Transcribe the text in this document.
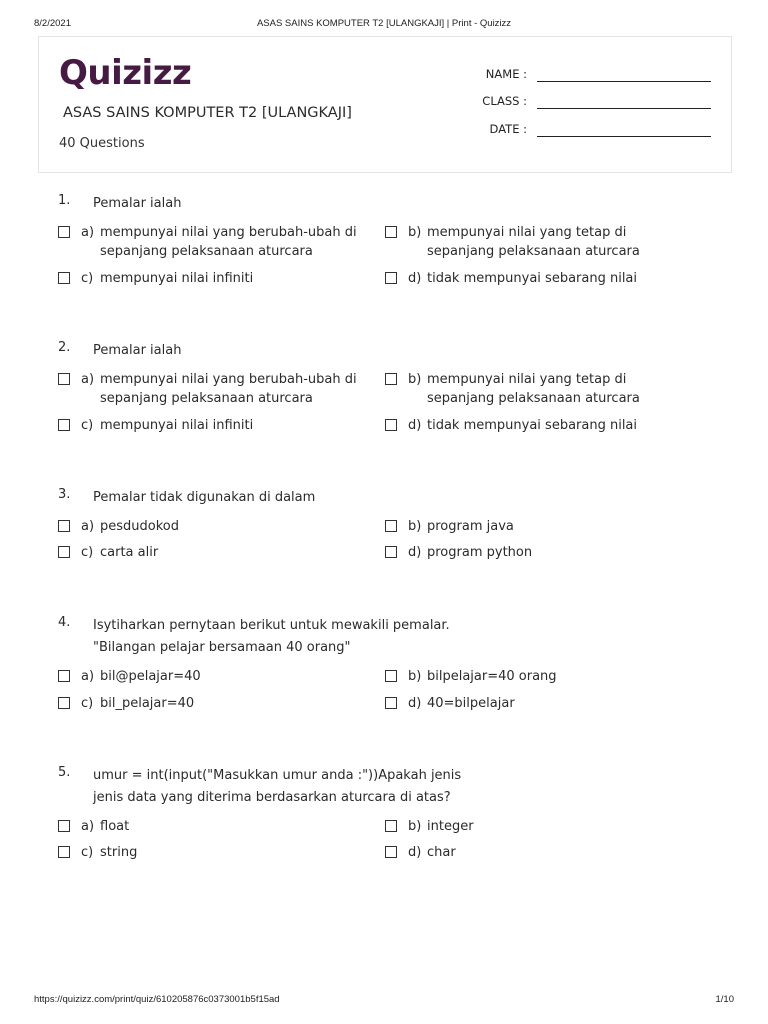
8/2/2021	ASAS SAINS KOMPUTER T2 [ULANGKAJI] | Print - Quizizz
Quizizz
ASAS SAINS KOMPUTER T2 [ULANGKAJI]
40 Questions
NAME :
CLASS :
DATE :
1. Pemalar ialah
a) mempunyai nilai yang berubah-ubah di sepanjang pelaksanaan aturcara
b) mempunyai nilai yang tetap di sepanjang pelaksanaan aturcara
c) mempunyai nilai infiniti	d) tidak mempunyai sebarang nilai
2. Pemalar ialah
a) mempunyai nilai yang berubah-ubah di sepanjang pelaksanaan aturcara
b) mempunyai nilai yang tetap di sepanjang pelaksanaan aturcara
c) mempunyai nilai infiniti	d) tidak mempunyai sebarang nilai
3. Pemalar tidak digunakan di dalam
a) pesdudokod	b) program java
c) carta alir	d) program python
4. Isytiharkan pernytaan berikut untuk mewakili pemalar.
"Bilangan pelajar bersamaan 40 orang"
a) bil@pelajar=40	b) bilpelajar=40 orang
c) bil_pelajar=40	d) 40=bilpelajar
5. umur = int(input("Masukkan umur anda :"))Apakah jenis
jenis data yang diterima berdasarkan aturcara di atas?
a) float	b) integer
c) string	d) char
https://quizizz.com/print/quiz/610205876c0373001b5f15ad	1/10
